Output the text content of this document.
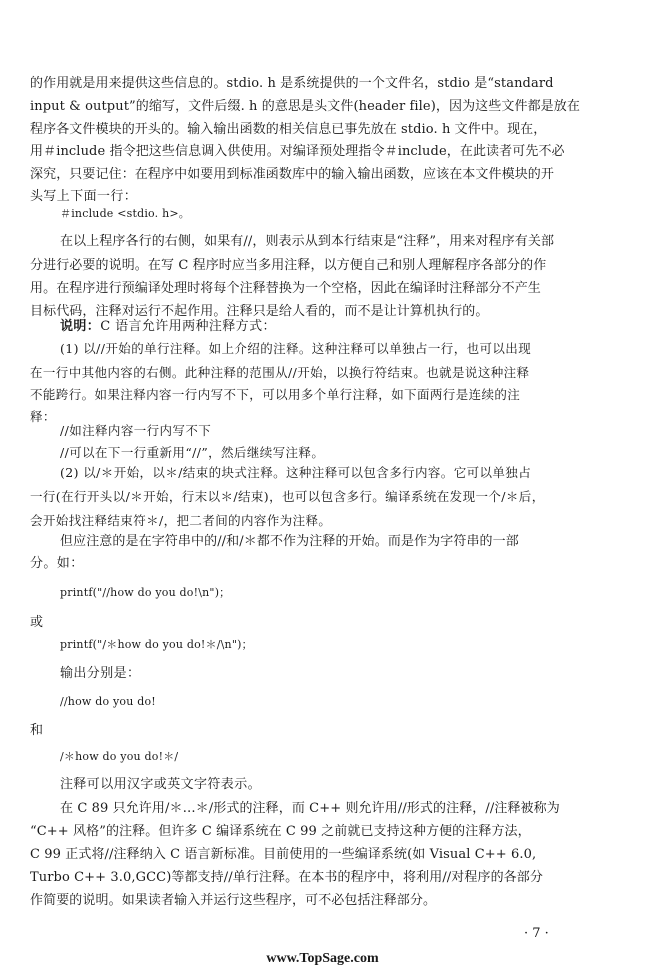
的作用就是用来提供这些信息的。stdio. h 是系统提供的一个文件名，stdio 是“standard
input & output”的缩写，文件后缀. h 的意思是头文件(header file)，因为这些文件都是放在
程序各文件模块的开头的。输入输出函数的相关信息已事先放在 stdio. h 文件中。现在，
用＃include 指令把这些信息调入供使用。对编译预处理指令＃include，在此读者可先不必
深究，只要记住：在程序中如要用到标准函数库中的输入输出函数，应该在本文件模块的开
头写上下面一行：
＃include <stdio. h>。
在以上程序各行的右侧，如果有//，则表示从到本行结束是“注释”，用来对程序有关部
分进行必要的说明。在写 C 程序时应当多用注释，以方便自己和别人理解程序各部分的作
用。在程序进行预编译处理时将每个注释替换为一个空格，因此在编译时注释部分不产生
目标代码，注释对运行不起作用。注释只是给人看的，而不是让计算机执行的。
说明：C 语言允许用两种注释方式：
(1) 以//开始的单行注释。如上介绍的注释。这种注释可以单独占一行，也可以出现
在一行中其他内容的右侧。此种注释的范围从//开始，以换行符结束。也就是说这种注释
不能跨行。如果注释内容一行内写不下，可以用多个单行注释，如下面两行是连续的注
释：
//如注释内容一行内写不下
//可以在下一行重新用“//”，然后继续写注释。
(2) 以/＊开始，以＊/结束的块式注释。这种注释可以包含多行内容。它可以单独占
一行(在行开头以/＊开始，行末以＊/结束)，也可以包含多行。编译系统在发现一个/＊后，
会开始找注释结束符＊/，把二者间的内容作为注释。
但应注意的是在字符串中的//和/＊都不作为注释的开始。而是作为字符串的一部
分。如：
printf("//how do you do!\n")；
或
printf("/＊how do you do!＊/\n")；
输出分别是：
//how do you do!
和
/＊how do you do!＊/
注释可以用汉字或英文字符表示。
在 C 89 只允许用/＊…＊/形式的注释，而 C++ 则允许用//形式的注释，//注释被称为
“C++ 风格”的注释。但许多 C 编译系统在 C 99 之前就已支持这种方便的注释方法，
C 99 正式将//注释纳入 C 语言新标准。目前使用的一些编译系统(如 Visual C++ 6.0,
Turbo C++ 3.0,GCC)等都支持//单行注释。在本书的程序中，将利用//对程序的各部分
作简要的说明。如果读者输入并运行这些程序，可不必包括注释部分。
· 7 ·
www.TopSage.com
